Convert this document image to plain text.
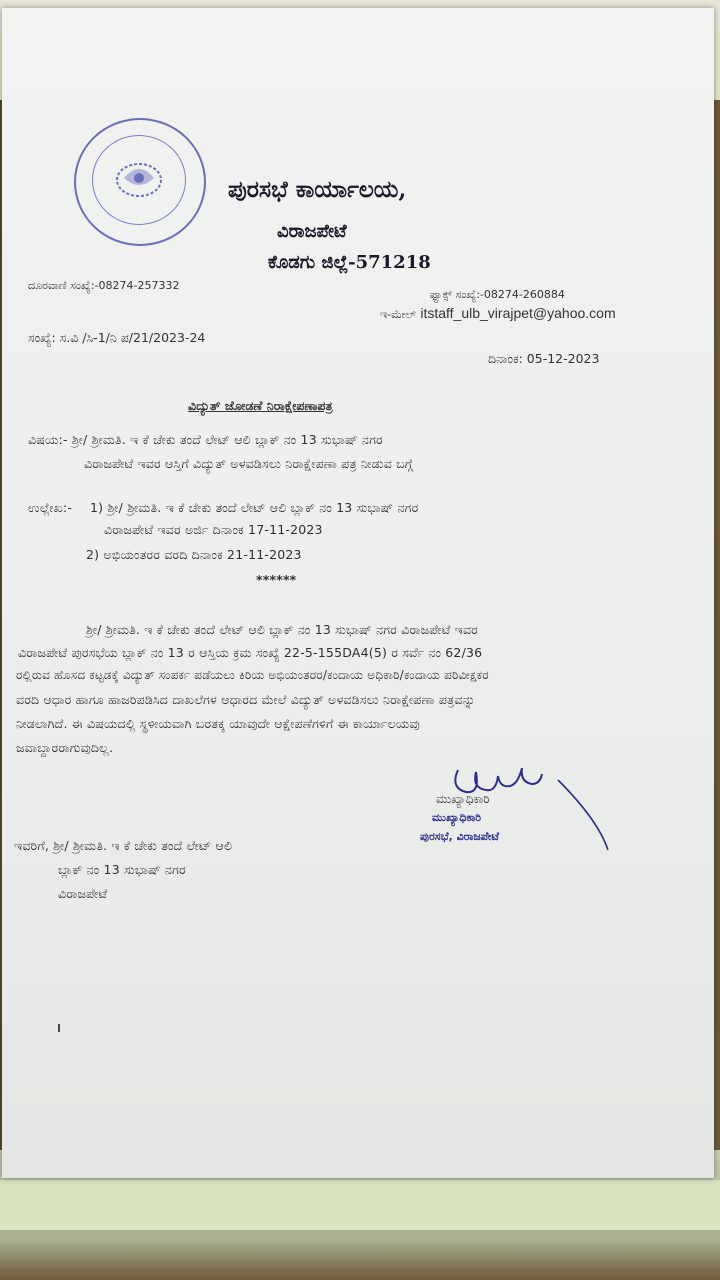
ಪುರಸಭೆ ಕಾರ್ಯಾಲಯ,
ವಿರಾಜಪೇಟೆ
ಕೊಡಗು ಜಿಲ್ಲೆ-571218
ದೂರವಾಣಿ ಸಂಖ್ಯೆ:-08274-257332
ಫ್ಯಾಕ್ಸ್ ಸಂಖ್ಯೆ:-08274-260884
ಇ-ಮೇಲ್ itstaff_ulb_virajpet@yahoo.com
ಸಂಖ್ಯೆ: ಸ.ವಿ /ಸಿ-1/ನಿ ಪ/21/2023-24
ದಿನಾಂಕ: 05-12-2023
ವಿದ್ಯುತ್ ಜೋಡಣೆ ನಿರಾಕ್ಷೇಪಣಾಪತ್ರ
ವಿಷಯ:- ಶ್ರೀ/ ಶ್ರೀಮತಿ. ಇ ಕೆ ಚೇಕು ತಂದೆ ಲೇಟ್ ಆಲಿ ಬ್ಲಾಕ್ ನಂ 13 ಸುಭಾಷ್ ನಗರ
ವಿರಾಜಪೇಟೆ ಇವರ ಆಸ್ತಿಗೆ ವಿದ್ಯುತ್ ಅಳವಡಿಸಲು ನಿರಾಕ್ಷೇಪಣಾ ಪತ್ರ ನೀಡುವ ಬಗ್ಗೆ
ಉಲ್ಲೇಖ:- 1) ಶ್ರೀ/ ಶ್ರೀಮತಿ. ಇ ಕೆ ಚೇಕು ತಂದೆ ಲೇಟ್ ಆಲಿ ಬ್ಲಾಕ್ ನಂ 13 ಸುಭಾಷ್ ನಗರ
ವಿರಾಜಪೇಟೆ ಇವರ ಅರ್ಜಿ ದಿನಾಂಕ 17-11-2023
2) ಅಭಿಯಂತರರ ವರದಿ ದಿನಾಂಕ 21-11-2023
******
ಶ್ರೀ/ ಶ್ರೀಮತಿ. ಇ ಕೆ ಚೇಕು ತಂದೆ ಲೇಟ್ ಆಲಿ ಬ್ಲಾಕ್ ನಂ 13 ಸುಭಾಷ್ ನಗರ ವಿರಾಜಪೇಟೆ ಇವರ
ವಿರಾಜಪೇಟೆ ಪುರಸಭೆಯ ಬ್ಲಾಕ್ ನಂ 13 ರ ಆಸ್ತಿಯ ಕ್ರಮ ಸಂಖ್ಯೆ 22-5-155DA4(5) ರ ಸರ್ವೆ ನಂ 62/36
ರಲ್ಲಿರುವ ಹೊಸದ ಕಟ್ಟಡಕ್ಕೆ ವಿದ್ಯುತ್ ಸಂಪರ್ಕ ಪಡೆಯಲು ಕಿರಿಯ ಅಭಿಯಂತರರ/ಕಂದಾಯ ಅಧಿಕಾರಿ/ಕಂದಾಯ ಪರಿವೀಕ್ಷಕರ
ವರದಿ ಆಧಾರ ಹಾಗೂ ಹಾಜರಿಪಡಿಸಿದ ದಾಖಲೆಗಳ ಆಧಾರದ ಮೇಲೆ ವಿದ್ಯುತ್ ಅಳವಡಿಸಲು ನಿರಾಕ್ಷೇಪಣಾ ಪತ್ರವನ್ನು
ನೀಡಲಾಗಿದೆ. ಈ ವಿಷಯದಲ್ಲಿ ಸ್ಥಳೀಯವಾಗಿ ಬರತಕ್ಕ ಯಾವುದೇ ಆಕ್ಷೇಪಣೆಗಳಿಗೆ ಈ ಕಾರ್ಯಾಲಯವು
ಜವಾಬ್ದಾರರಾಗುವುದಿಲ್ಲ.
ಮುಖ್ಯಾಧಿಕಾರಿ
ಮುಖ್ಯಾಧಿಕಾರಿ
ಪುರಸಭೆ, ವಿರಾಜಪೇಟೆ
ಇವರಿಗೆ, ಶ್ರೀ/ ಶ್ರೀಮತಿ. ಇ ಕೆ ಚೇಕು ತಂದೆ ಲೇಟ್ ಆಲಿ
ಬ್ಲಾಕ್ ನಂ 13 ಸುಭಾಷ್ ನಗರ
ವಿರಾಜಪೇಟೆ
